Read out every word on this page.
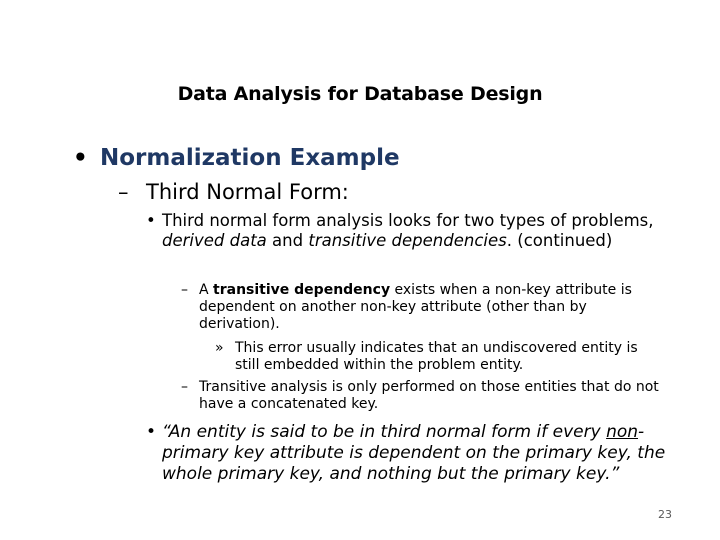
Data Analysis for Database Design
• Normalization Example
– Third Normal Form:
• Third normal form analysis looks for two types of problems, derived data and transitive dependencies. (continued)
– A transitive dependency exists when a non-key attribute is dependent on another non-key attribute (other than by derivation).
» This error usually indicates that an undiscovered entity is still embedded within the problem entity.
– Transitive analysis is only performed on those entities that do not have a concatenated key.
• “An entity is said to be in third normal form if every non-primary key attribute is dependent on the primary key, the whole primary key, and nothing but the primary key.”
23
